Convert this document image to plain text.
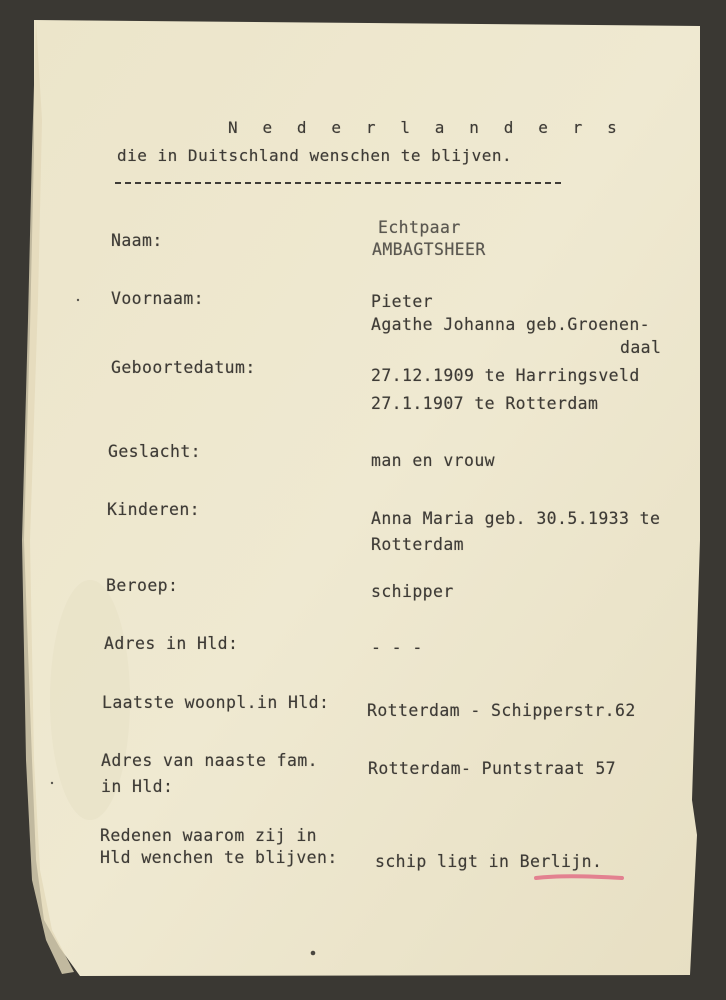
N e d e r l a n d e r s
die in Duitschland wenschen te blijven.
Naam:
Echtpaar
AMBAGTSHEER
Voornaam:	Pieter
Agathe Johanna geb.Groenen-
daal
Geboortedatum:	27.12.1909 te Harringsveld
27.1.1907 te Rotterdam
Geslacht:	man en vrouw
Kinderen:	Anna Maria geb. 30.5.1933 te
Rotterdam
Beroep:	schipper
Adres in Hld:	- - -
Laatste woonpl.in Hld: Rotterdam - Schipperstr.62
Adres van naaste fam.
in Hld:
Rotterdam- Puntstraat 57
Redenen waarom zij in
Hld wenchen te blijven: schip ligt in Berlijn.
